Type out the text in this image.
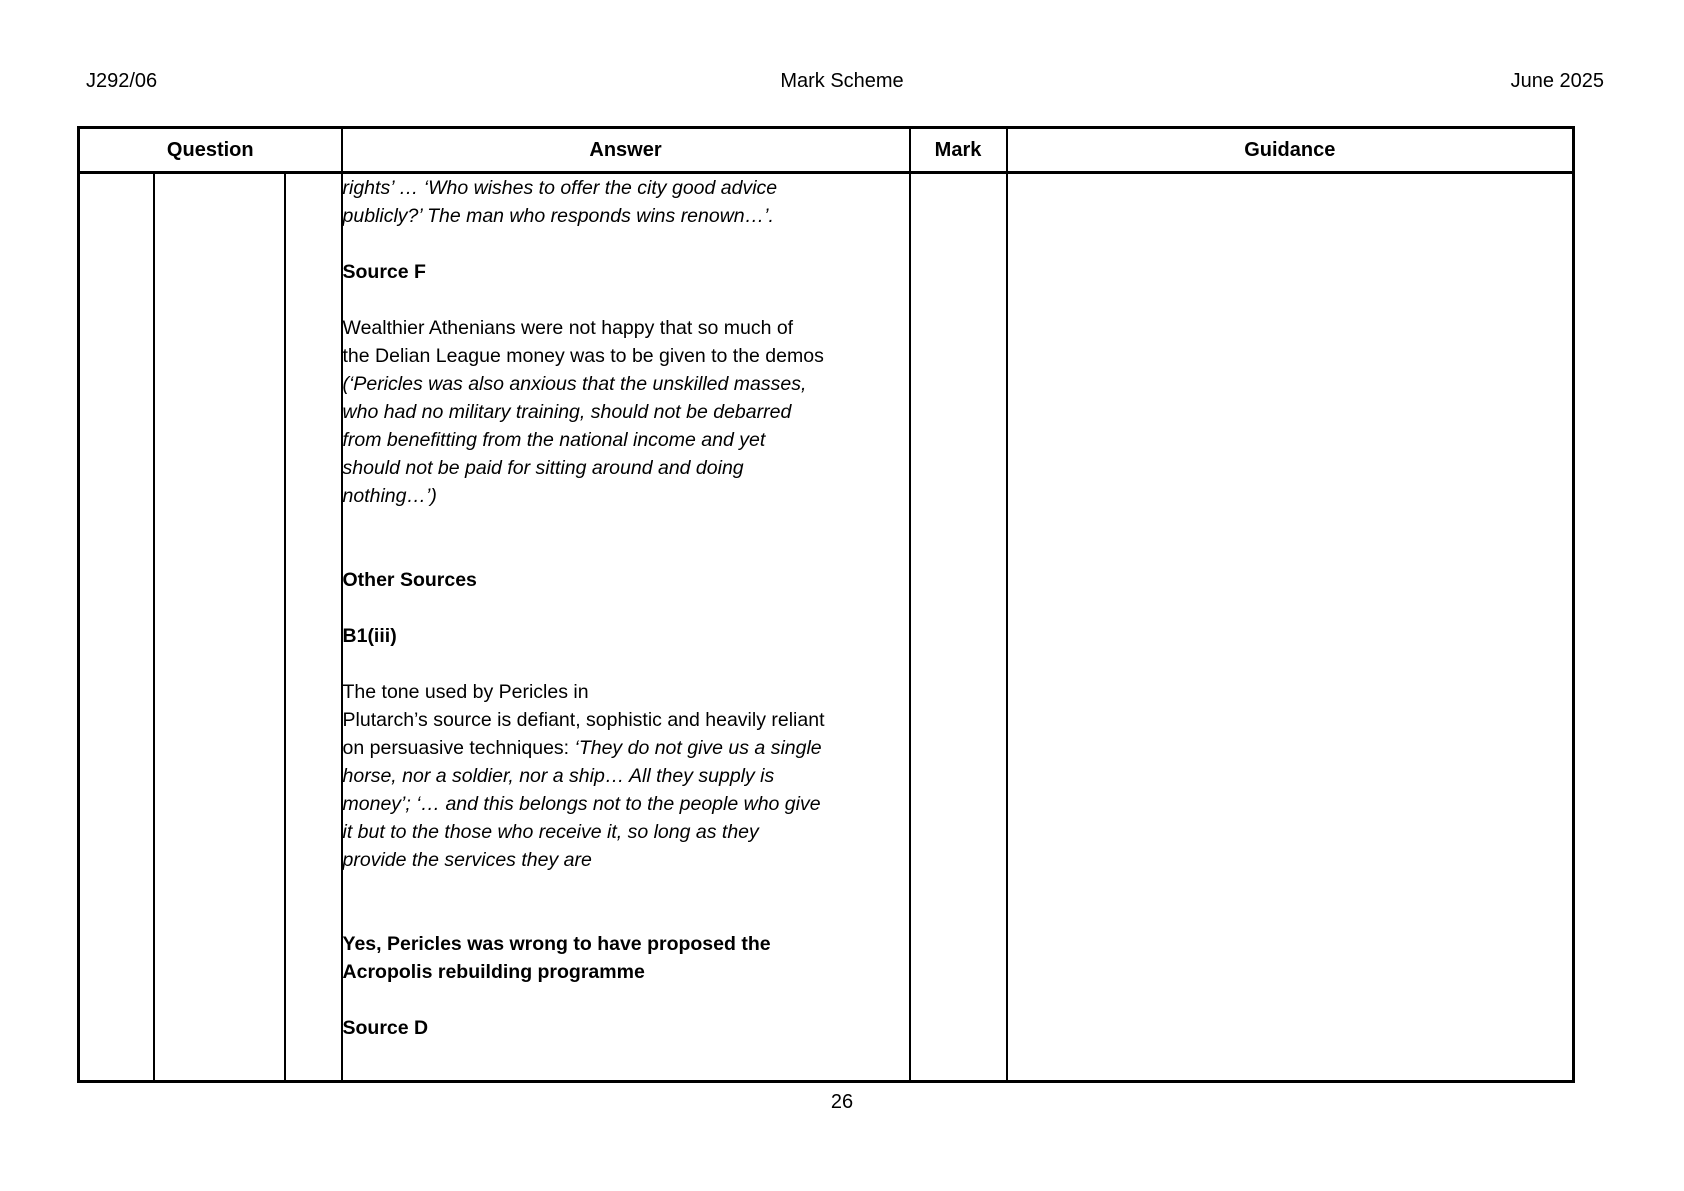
J292/06	Mark Scheme	June 2025
Question			Answer	Mark	Guidance

rights’ … ‘Who wishes to offer the city good advice
publicly?’ The man who responds wins renown…’.
Source F
Wealthier Athenians were not happy that so much of
the Delian League money was to be given to the demos
(‘Pericles was also anxious that the unskilled masses,
who had no military training, should not be debarred
from benefitting from the national income and yet
should not be paid for sitting around and doing
nothing…’)
Other Sources
B1(iii)
The tone used by Pericles in
Plutarch’s source is defiant, sophistic and heavily reliant
on persuasive techniques: ‘They do not give us a single
horse, nor a soldier, nor a ship… All they supply is
money’; ‘… and this belongs not to the people who give
it but to the those who receive it, so long as they
provide the services they are
Yes, Pericles was wrong to have proposed the
Acropolis rebuilding programme
Source D

26
